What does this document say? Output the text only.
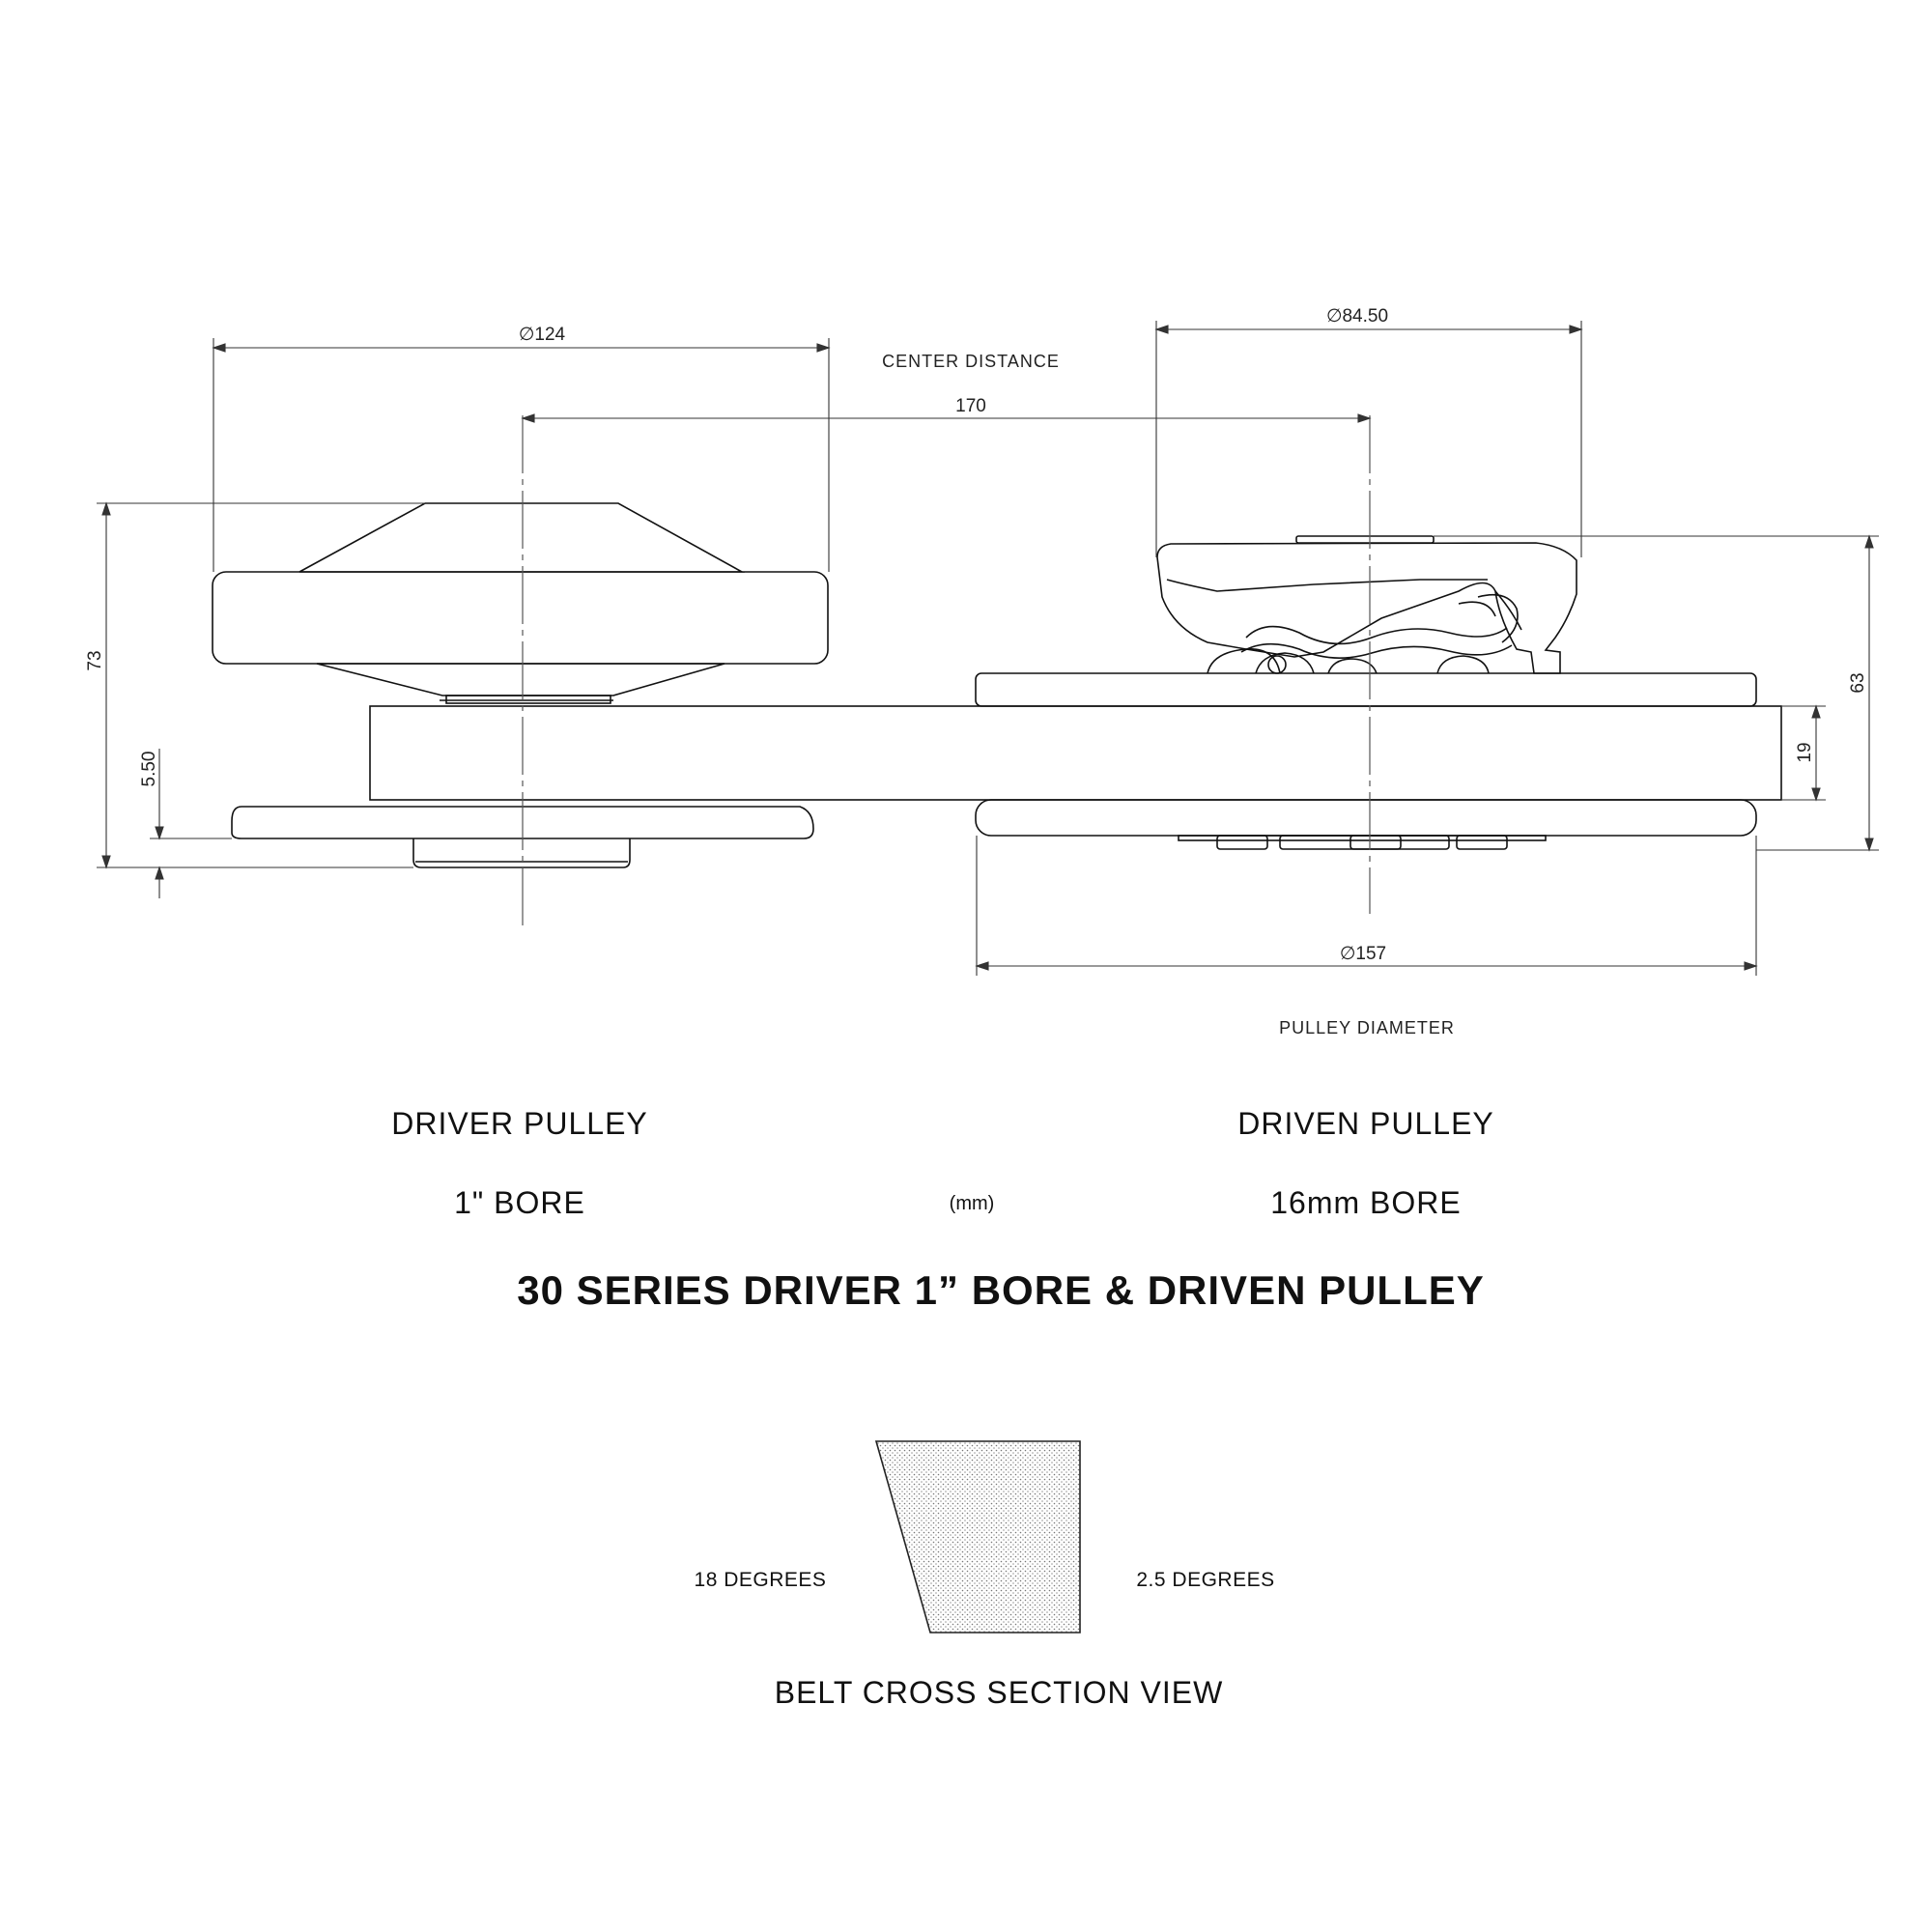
∅124
∅84.50
CENTER DISTANCE
170
73
5.50
63
19
∅157
PULLEY DIAMETER
DRIVER PULLEY	DRIVEN PULLEY
1" BORE	(mm)	16mm BORE
30 SERIES DRIVER 1” BORE & DRIVEN PULLEY
18 DEGREES	2.5 DEGREES
BELT CROSS SECTION VIEW
